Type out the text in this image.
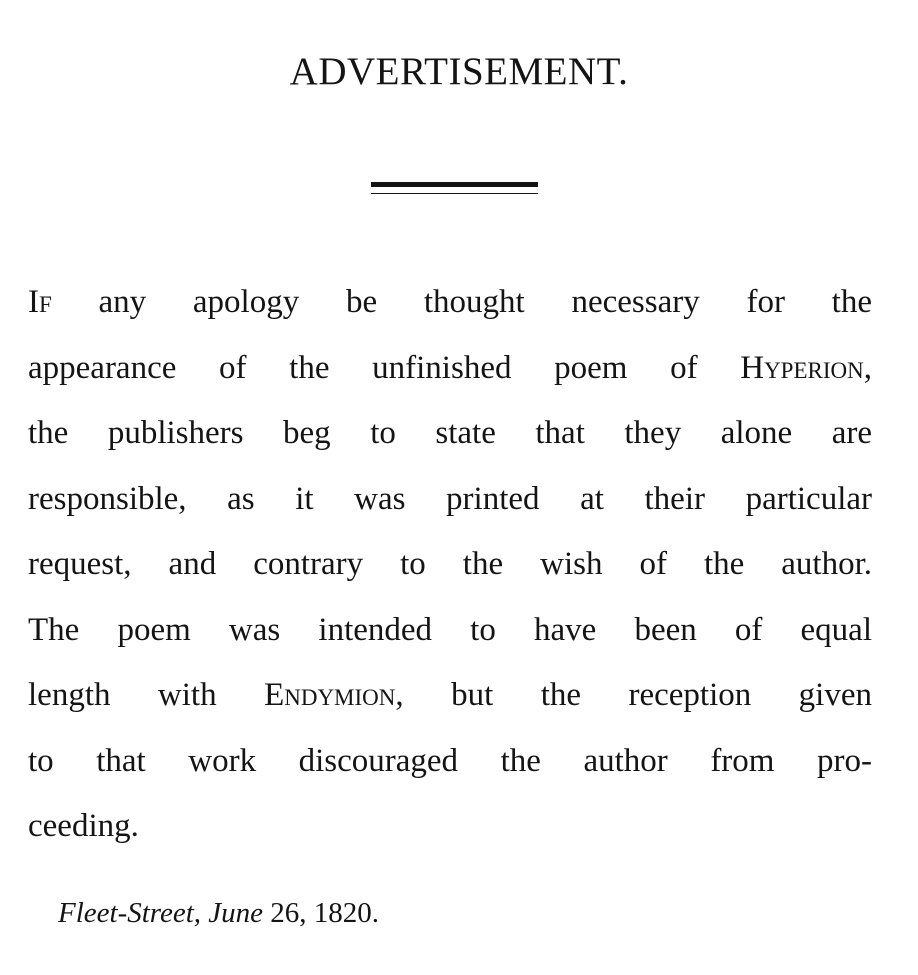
ADVERTISEMENT.
If any apology be thought necessary for the
appearance of the unfinished poem of Hyperion,
the publishers beg to state that they alone are
responsible, as it was printed at their particular
request, and contrary to the wish of the author.
The poem was intended to have been of equal
length with Endymion, but the reception given
to that work discouraged the author from pro-
ceeding.
Fleet-Street, June 26, 1820.
